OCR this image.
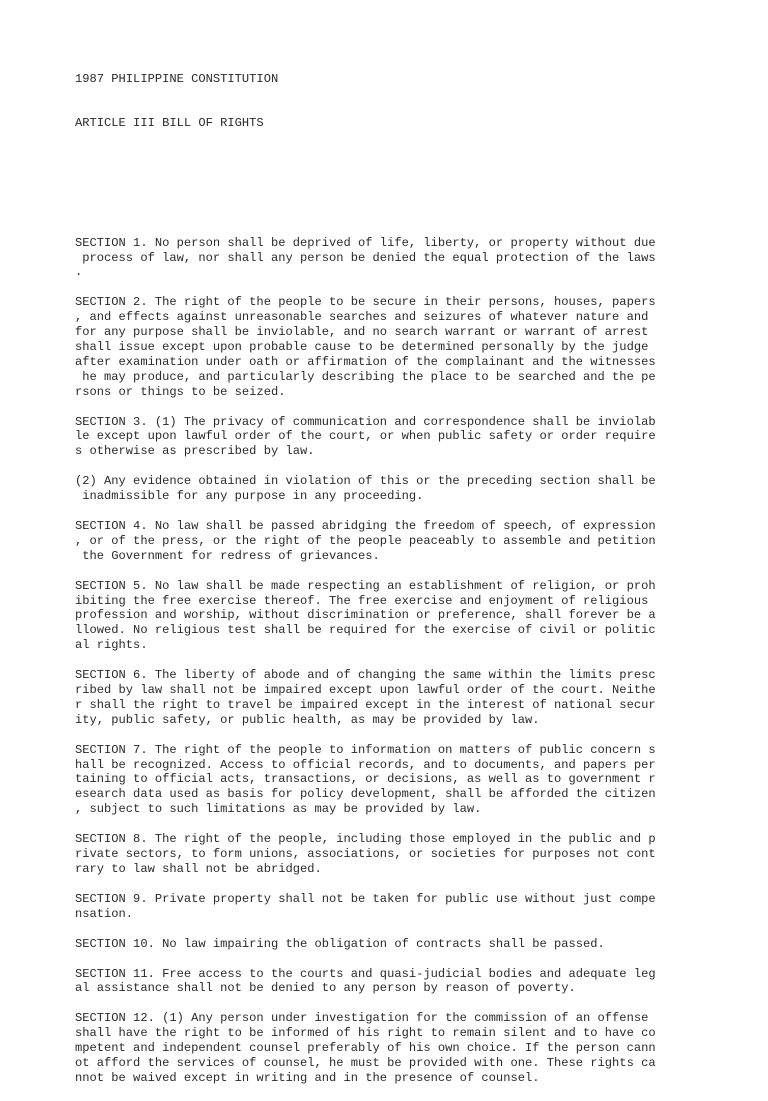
1987 PHILIPPINE CONSTITUTION

ARTICLE III BILL OF RIGHTS

SECTION 1. No person shall be deprived of life, liberty, or property without due
process of law, nor shall any person be denied the equal protection of the laws
.
SECTION 2. The right of the people to be secure in their persons, houses, papers
, and effects against unreasonable searches and seizures of whatever nature and
for any purpose shall be inviolable, and no search warrant or warrant of arrest
shall issue except upon probable cause to be determined personally by the judge
after examination under oath or affirmation of the complainant and the witnesses
he may produce, and particularly describing the place to be searched and the pe
rsons or things to be seized.
SECTION 3. (1) The privacy of communication and correspondence shall be inviolab
le except upon lawful order of the court, or when public safety or order require
s otherwise as prescribed by law.
(2) Any evidence obtained in violation of this or the preceding section shall be
inadmissible for any purpose in any proceeding.
SECTION 4. No law shall be passed abridging the freedom of speech, of expression
, or of the press, or the right of the people peaceably to assemble and petition
the Government for redress of grievances.
SECTION 5. No law shall be made respecting an establishment of religion, or proh
ibiting the free exercise thereof. The free exercise and enjoyment of religious
profession and worship, without discrimination or preference, shall forever be a
llowed. No religious test shall be required for the exercise of civil or politic
al rights.
SECTION 6. The liberty of abode and of changing the same within the limits presc
ribed by law shall not be impaired except upon lawful order of the court. Neithe
r shall the right to travel be impaired except in the interest of national secur
ity, public safety, or public health, as may be provided by law.
SECTION 7. The right of the people to information on matters of public concern s
hall be recognized. Access to official records, and to documents, and papers per
taining to official acts, transactions, or decisions, as well as to government r
esearch data used as basis for policy development, shall be afforded the citizen
, subject to such limitations as may be provided by law.
SECTION 8. The right of the people, including those employed in the public and p
rivate sectors, to form unions, associations, or societies for purposes not cont
rary to law shall not be abridged.
SECTION 9. Private property shall not be taken for public use without just compe
nsation.
SECTION 10. No law impairing the obligation of contracts shall be passed.
SECTION 11. Free access to the courts and quasi-judicial bodies and adequate leg
al assistance shall not be denied to any person by reason of poverty.
SECTION 12. (1) Any person under investigation for the commission of an offense
shall have the right to be informed of his right to remain silent and to have co
mpetent and independent counsel preferably of his own choice. If the person cann
ot afford the services of counsel, he must be provided with one. These rights ca
nnot be waived except in writing and in the presence of counsel.
